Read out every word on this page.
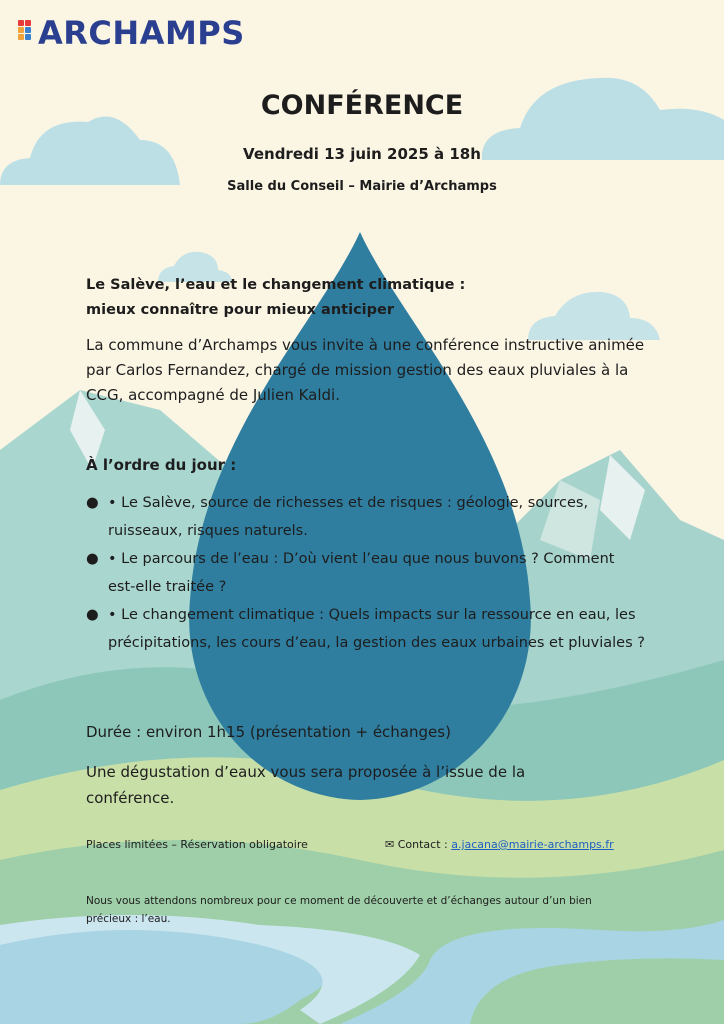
ARCHAMPS
CONFÉRENCE
Vendredi 13 juin 2025 à 18h
Salle du Conseil – Mairie d’Archamps
Le Salève, l’eau et le changement climatique :
mieux connaître pour mieux anticiper
La commune d’Archamps vous invite à une conférence instructive animée par Carlos Fernandez, chargé de mission gestion des eaux pluviales à la CCG, accompagné de Julien Kaldi.
À l’ordre du jour :
● • Le Salève, source de richesses et de risques : géologie, sources, ruisseaux, risques naturels.
● • Le parcours de l’eau : D’où vient l’eau que nous buvons ? Comment est-elle traitée ?
● • Le changement climatique : Quels impacts sur la ressource en eau, les précipitations, les cours d’eau, la gestion des eaux urbaines et pluviales ?
Durée : environ 1h15 (présentation + échanges)
Une dégustation d’eaux vous sera proposée à l’issue de la conférence.
Places limitées – Réservation obligatoire	✉ Contact : a.jacana@mairie-archamps.fr
Nous vous attendons nombreux pour ce moment de découverte et d’échanges autour d’un bien précieux : l’eau.
